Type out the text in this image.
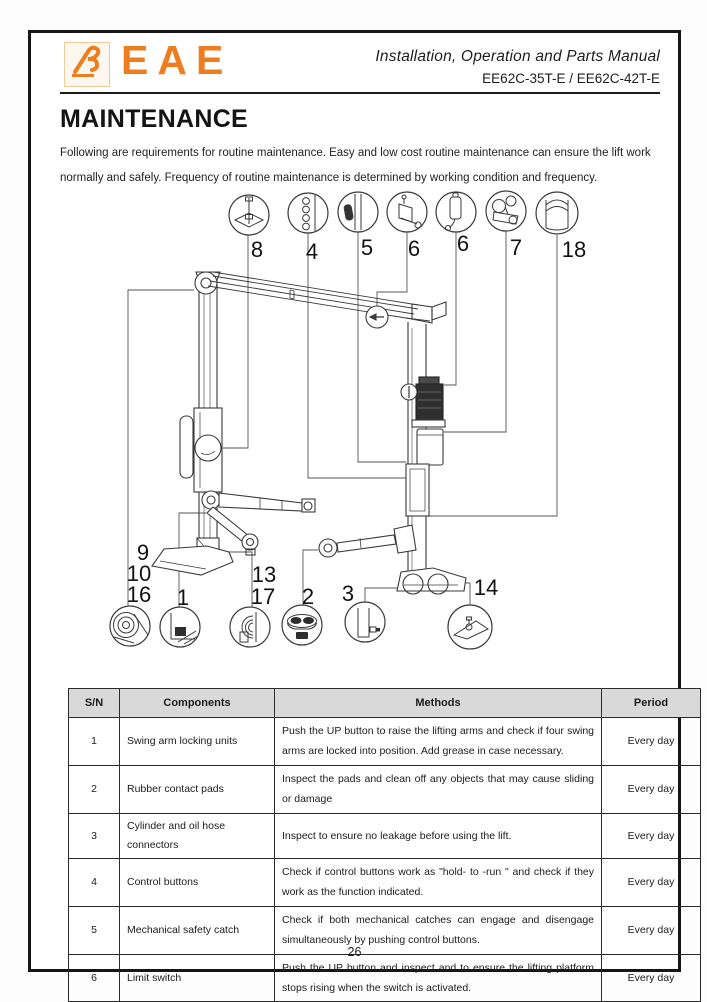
EAE	Installation, Operation and Parts Manual
EE62C-35T-E / EE62C-42T-E
MAINTENANCE
Following are requirements for routine maintenance. Easy and low cost routine maintenance can ensure the lift work normally and safely. Frequency of routine maintenance is determined by working condition and frequency.
8 4 5 6 6 7 18
9
10
16 1
13
17 2 3	14
S/N	Components	Methods	Period
1	Swing arm locking units	Push the UP button to raise the lifting arms and check if four swing arms are locked into position. Add grease in case necessary.	Every day
2	Rubber contact pads	Inspect the pads and clean off any objects that may cause sliding or damage	Every day
3	Cylinder and oil hose connectors	Inspect to ensure no leakage before using the lift.	Every day
4	Control buttons	Check if control buttons work as "hold- to -run " and check if they work as the function indicated.	Every day
5	Mechanical safety catch	Check if both mechanical catches can engage and disengage simultaneously by pushing control buttons.	Every day
6	Limit switch	Push the UP button and inspect and to ensure the lifting platform stops rising when the switch is activated.	Every day
26
